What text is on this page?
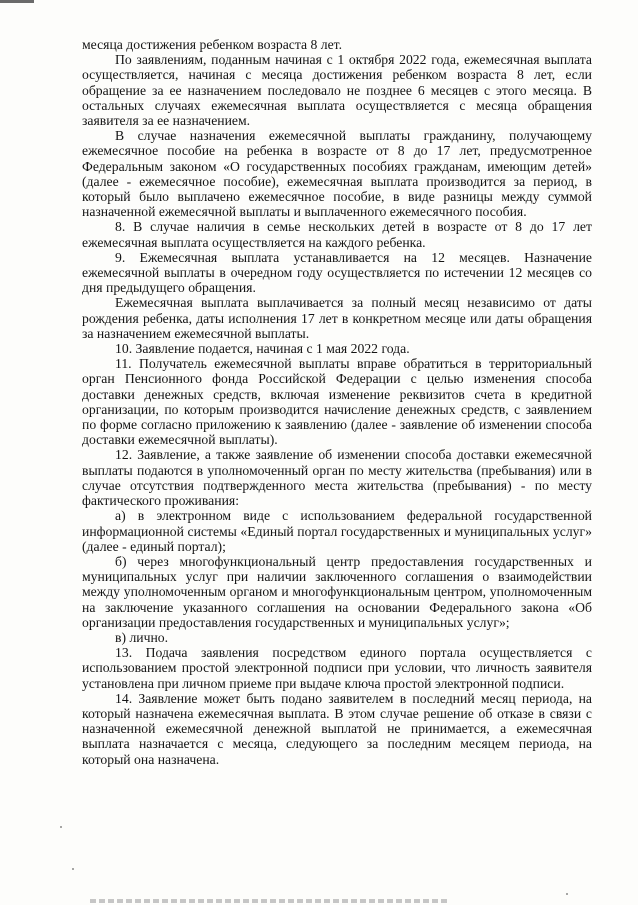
месяца достижения ребенком возраста 8 лет.

По заявлениям, поданным начиная с 1 октября 2022 года, ежемесячная выплата осуществляется, начиная с месяца достижения ребенком возраста 8 лет, если обращение за ее назначением последовало не позднее 6 месяцев с этого месяца. В остальных случаях ежемесячная выплата осуществляется с месяца обращения заявителя за ее назначением.

В случае назначения ежемесячной выплаты гражданину, получающему ежемесячное пособие на ребенка в возрасте от 8 до 17 лет, предусмотренное Федеральным законом «О государственных пособиях гражданам, имеющим детей» (далее - ежемесячное пособие), ежемесячная выплата производится за период, в который было выплачено ежемесячное пособие, в виде разницы между суммой назначенной ежемесячной выплаты и выплаченного ежемесячного пособия.

8. В случае наличия в семье нескольких детей в возрасте от 8 до 17 лет ежемесячная выплата осуществляется на каждого ребенка.

9. Ежемесячная выплата устанавливается на 12 месяцев. Назначение ежемесячной выплаты в очередном году осуществляется по истечении 12 месяцев со дня предыдущего обращения.

Ежемесячная выплата выплачивается за полный месяц независимо от даты рождения ребенка, даты исполнения 17 лет в конкретном месяце или даты обращения за назначением ежемесячной выплаты.

10. Заявление подается, начиная с 1 мая 2022 года.

11. Получатель ежемесячной выплаты вправе обратиться в территориальный орган Пенсионного фонда Российской Федерации с целью изменения способа доставки денежных средств, включая изменение реквизитов счета в кредитной организации, по которым производится начисление денежных средств, с заявлением по форме согласно приложению к заявлению (далее - заявление об изменении способа доставки ежемесячной выплаты).

12. Заявление, а также заявление об изменении способа доставки ежемесячной выплаты подаются в уполномоченный орган по месту жительства (пребывания) или в случае отсутствия подтвержденного места жительства (пребывания) - по месту фактического проживания:

а) в электронном виде с использованием федеральной государственной информационной системы «Единый портал государственных и муниципальных услуг» (далее - единый портал);

б) через многофункциональный центр предоставления государственных и муниципальных услуг при наличии заключенного соглашения о взаимодействии между уполномоченным органом и многофункциональным центром, уполномоченным на заключение указанного соглашения на основании Федерального закона «Об организации предоставления государственных и муниципальных услуг»;

в) лично.

13. Подача заявления посредством единого портала осуществляется с использованием простой электронной подписи при условии, что личность заявителя установлена при личном приеме при выдаче ключа простой электронной подписи.

14. Заявление может быть подано заявителем в последний месяц периода, на который назначена ежемесячная выплата. В этом случае решение об отказе в связи с назначенной ежемесячной денежной выплатой не принимается, а ежемесячная выплата назначается с месяца, следующего за последним месяцем периода, на который она назначена.
